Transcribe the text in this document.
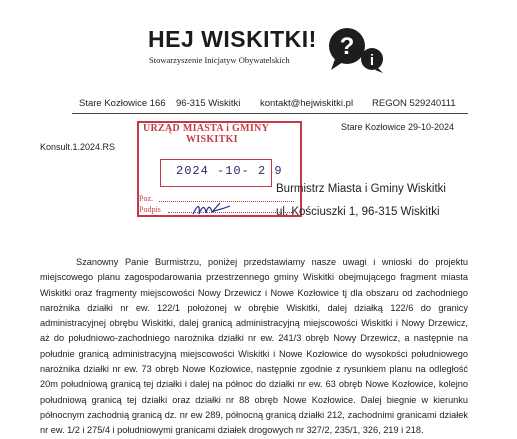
HEJ WISKITKI!
Stowarzyszenie Inicjatyw Obywatelskich ?
i
Stare Kozłowice 166 96-315 Wiskitki kontakt@hejwiskitki.pl REGON 529240111
Stare Kozłowice 29-10-2024
Konsult.1.2024.RS
URZĄD MIASTA i GMINY
WISKITKI
2024 -10- 2 9
Poz.
Podpis
Burmistrz Miasta i Gminy Wiskitki
ul. Kościuszki 1, 96-315 Wiskitki
Szanowny Panie Burmistrzu, poniżej przedstawiamy nasze uwagi i wnioski do projektu miejscowego planu zagospodarowania przestrzennego gminy Wiskitki obejmującego fragment miasta Wiskitki oraz fragmenty miejscowości Nowy Drzewicz i Nowe Kozłowice tj dla obszaru od zachodniego narożnika działki nr ew. 122/1 położonej w obrębie Wiskitki, dalej działką 122/6 do granicy administracyjnej obrębu Wiskitki, dalej granicą administracyjną miejscowości Wiskitki i Nowy Drzewicz, aż do południowo-zachodniego narożnika działki nr ew. 241/3 obręb Nowy Drzewicz, a następnie na południe granicą administracyjną miejscowości Wiskitki i Nowe Kozłowice do wysokości południowego narożnika działki nr ew. 73 obręb Nowe Kozłowice, następnie zgodnie z rysunkiem planu na odległość 20m południową granicą tej działki i dalej na północ do działki nr ew. 63 obręb Nowe Kozłowice, kolejno południową granicą tej działki oraz działki nr 88 obręb Nowe Kozłowice. Dalej biegnie w kierunku północnym zachodnią granicą dz. nr ew 289, północną granicą działki 212, zachodnimi granicami działek nr ew. 1/2 i 275/4 i południowymi granicami działek drogowych nr 327/2, 235/1, 326, 219 i 218.
